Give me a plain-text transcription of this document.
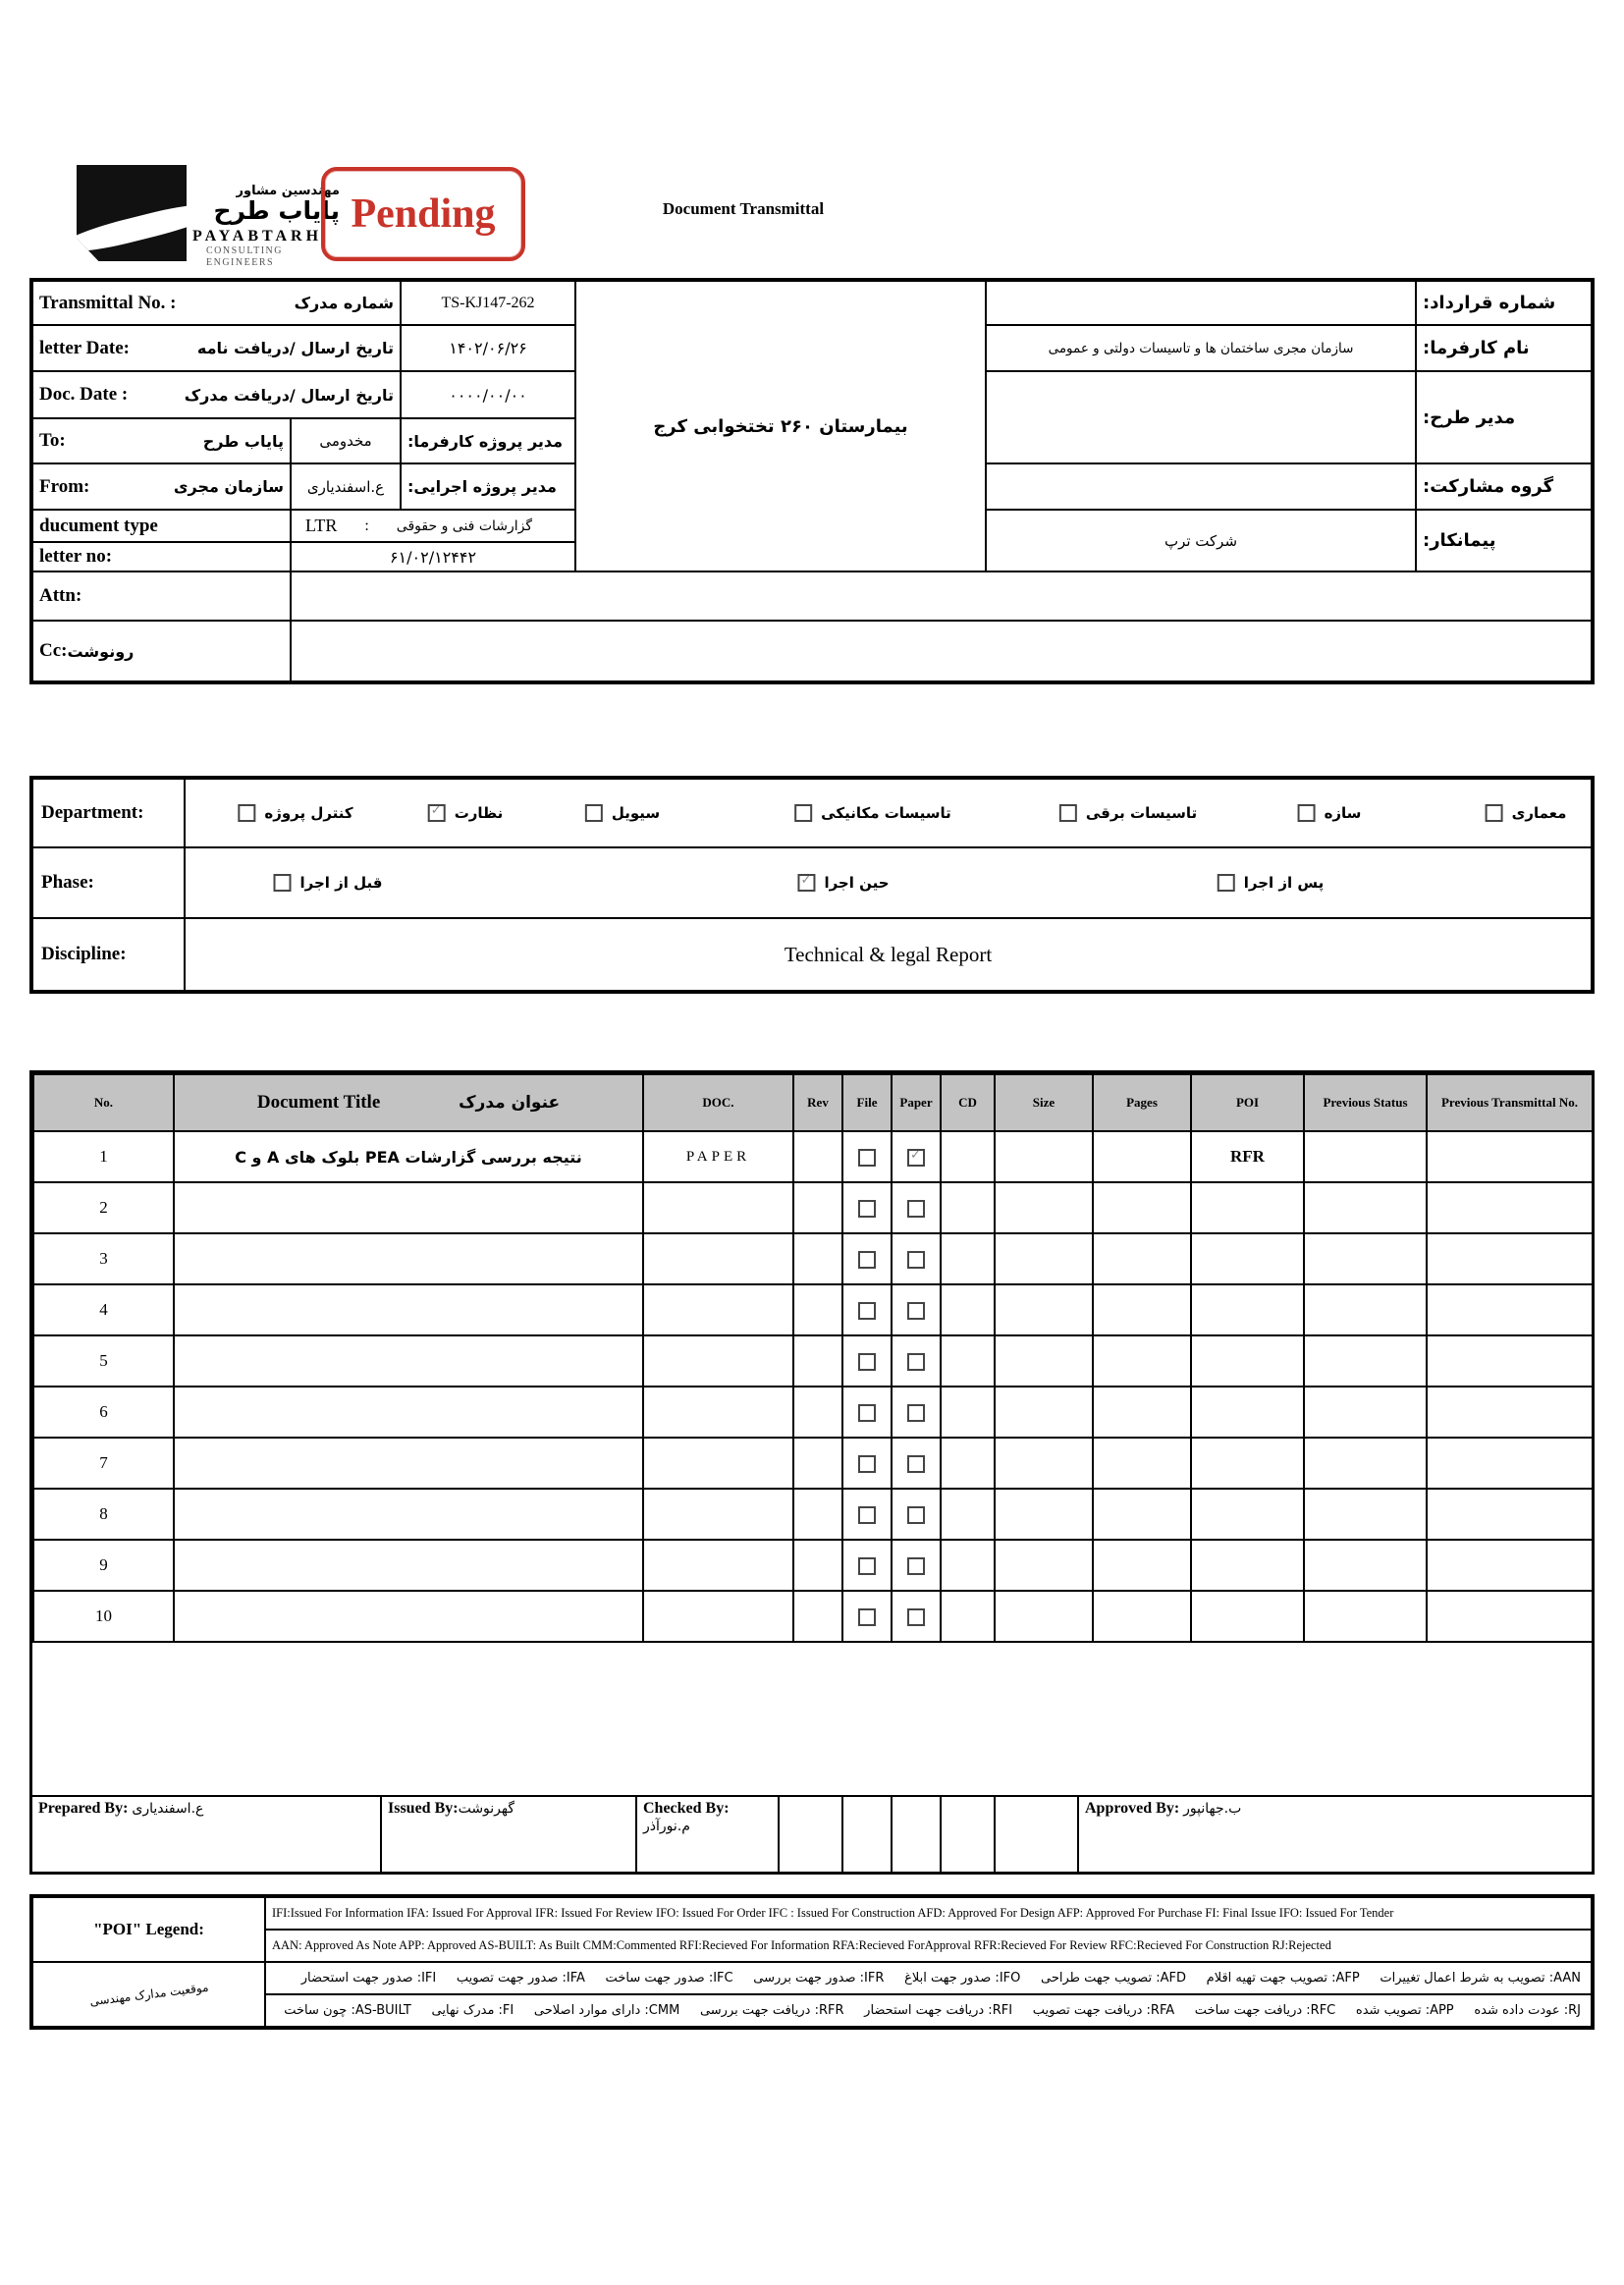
مهندسین مشاور
پایاب طرح
PAYABTARH
CONSULTING ENGINEERS
Pending	Document Transmittal
Transmittal No. :	شماره مدرک	TS-KJ147-262
letter Date:	تاریخ ارسال /دریافت نامه	۱۴۰۲/۰۶/۲۶
Doc. Date :	تاریخ ارسال /دریافت مدرک	۰۰۰۰/۰۰/۰۰
To:	پایاب طرح	مخدومی	مدیر پروژه کارفرما:
From:	سازمان مجری	ع.اسفندیاری	مدیر پروژه اجرایی:
ducument type	LTR : گزارشات فنی و حقوقی
letter no:	۶۱/۰۲/۱۲۴۴۲
Attn:
Cc: رونوشت
بیمارستان ۲۶۰ تختخوابی کرج
شماره قرارداد:
سازمان مجری ساختمان ها و تاسیسات دولتی و عمومی	نام کارفرما:
مدیر طرح:
گروه مشارکت:
شرکت ترپ	پیمانکار:
Department:	معماری
سازه
تاسیسات برقی
تاسیسات مکانیکی
سیویل
✓
نظارت
کنترل پروژه
Phase:	پس از اجرا
✓
حین اجرا
قبل از اجرا
Discipline:	Technical & legal Report
No.	Document Title عنوان مدرک	DOC.	Rev	File	Paper	CD	Size	Pages	POI	Previous Status	Previous Transmittal No.
1	نتیجه بررسی گزارشات PEA بلوک های A و C	PAPER			✓				RFR		
2											
3											
4											
5											
6											
7											
8											
9											
10											

Prepared By: ع.اسفندیاری	Issued By:گهرنوشت	Checked By: م.نورآذر
Approved By: ب.جهانپور
"POI" Legend:
IFI:Issued For Information IFA: Issued For Approval IFR: Issued For Review IFO: Issued For Order IFC : Issued For Construction AFD: Approved For Design AFP: Approved For Purchase FI: Final Issue IFO: Issued For Tender
AAN: Approved As Note APP: Approved AS-BUILT: As Built CMM:Commented RFI:Recieved For Information RFA:Recieved ForApproval RFR:Recieved For Review RFC:Recieved For Construction RJ:Rejected
موقعیت مدارک مهندسی
AAN: تصویب به شرط اعمال تغییرات     AFP: تصویب جهت تهیه اقلام     AFD: تصویب جهت طراحی     IFO: صدور جهت ابلاغ     IFR: صدور جهت بررسی     IFC: صدور جهت ساخت     IFA: صدور جهت تصویب     IFI: صدور جهت استحضار
RJ: عودت داده شده     APP: تصویب شده     RFC: دریافت جهت ساخت     RFA: دریافت جهت تصویب     RFI: دریافت جهت استحضار     RFR: دریافت جهت بررسی     CMM: دارای موارد اصلاحی     FI: مدرک نهایی     AS-BUILT: چون ساخت
